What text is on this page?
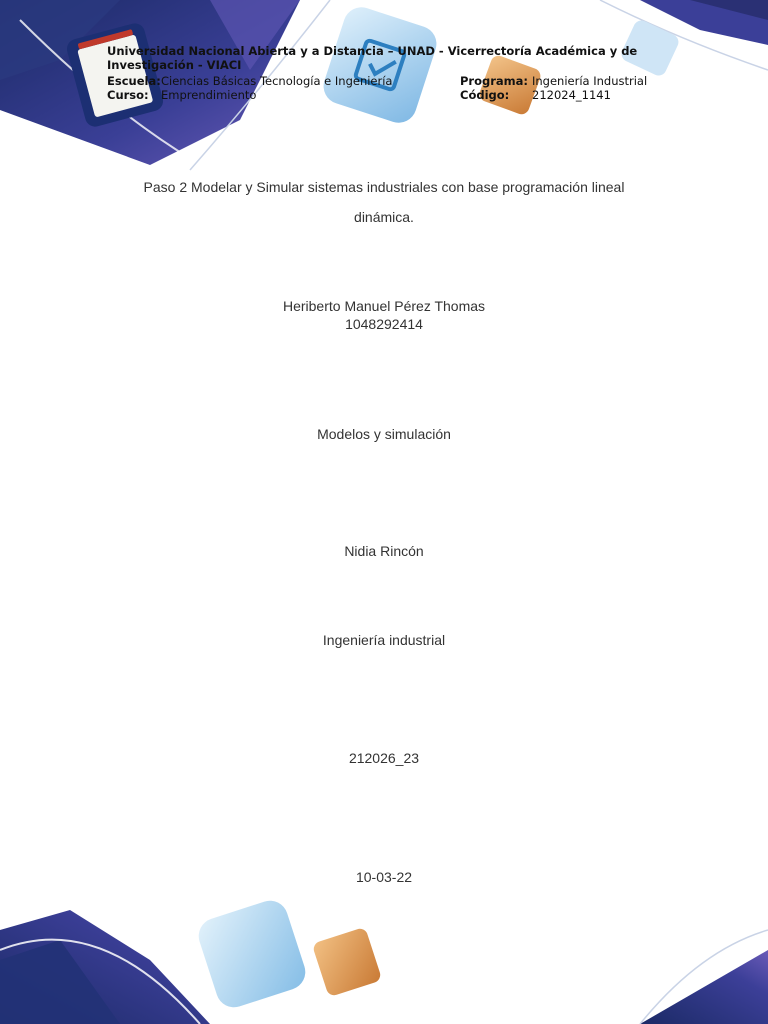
Universidad Nacional Abierta y a Distancia – UNAD - Vicerrectoría Académica y de Investigación - VIACI
Escuela:Ciencias Básicas Tecnología e Ingeniería	Programa: Ingeniería Industrial
Curso: Emprendimiento	Código: 212024_1141
Paso 2 Modelar y Simular sistemas industriales con base programación lineal
dinámica.
Heriberto Manuel Pérez Thomas
1048292414
Modelos y simulación
Nidia Rincón
Ingeniería industrial
212026_23
10-03-22
